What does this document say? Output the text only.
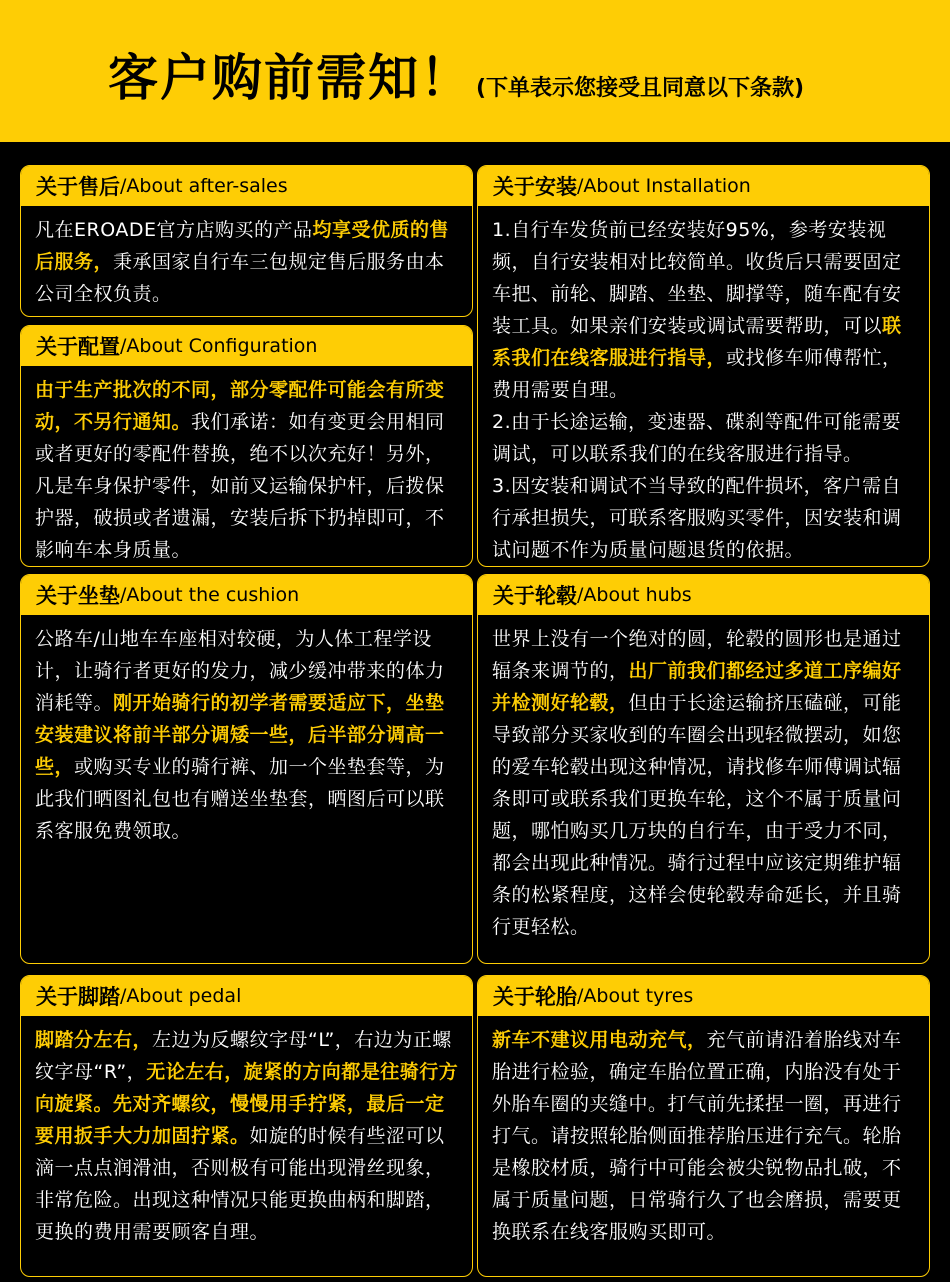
客户购前需知！ (下单表示您接受且同意以下条款)
关于售后 /About after-sales

凡在EROADE官方店购买的产品均享受优质的售后服务，秉承国家自行车三包规定售后服务由本公司全权负责。

关于配置 /About Configuration

由于生产批次的不同，部分零配件可能会有所变动，不另行通知。我们承诺：如有变更会用相同或者更好的零配件替换，绝不以次充好！另外，凡是车身保护零件，如前叉运输保护杆，后拨保护器，破损或者遗漏，安装后拆下扔掉即可，不影响车本身质量。

关于安装 /About Installation

1.自行车发货前已经安装好95%，参考安装视频，自行安装相对比较简单。收货后只需要固定车把、前轮、脚踏、坐垫、脚撑等，随车配有安装工具。如果亲们安装或调试需要帮助，可以联系我们在线客服进行指导，或找修车师傅帮忙，费用需要自理。

2.由于长途运输，变速器、碟刹等配件可能需要调试，可以联系我们的在线客服进行指导。

3.因安装和调试不当导致的配件损坏，客户需自行承担损失，可联系客服购买零件，因安装和调试问题不作为质量问题退货的依据。

关于坐垫 /About the cushion

公路车/山地车车座相对较硬，为人体工程学设计，让骑行者更好的发力，减少缓冲带来的体力消耗等。刚开始骑行的初学者需要适应下，坐垫安装建议将前半部分调矮一些，后半部分调高一些，或购买专业的骑行裤、加一个坐垫套等，为此我们晒图礼包也有赠送坐垫套，晒图后可以联系客服免费领取。

关于轮毂 /About hubs

世界上没有一个绝对的圆，轮毂的圆形也是通过辐条来调节的，出厂前我们都经过多道工序编好并检测好轮毂，但由于长途运输挤压磕碰，可能导致部分买家收到的车圈会出现轻微摆动，如您的爱车轮毂出现这种情况，请找修车师傅调试辐条即可或联系我们更换车轮，这个不属于质量问题，哪怕购买几万块的自行车，由于受力不同，都会出现此种情况。骑行过程中应该定期维护辐条的松紧程度，这样会使轮毂寿命延长，并且骑行更轻松。

关于脚踏 /About pedal

脚踏分左右，左边为反螺纹字母“L”，右边为正螺纹字母“R”，无论左右，旋紧的方向都是往骑行方向旋紧。先对齐螺纹，慢慢用手拧紧，最后一定要用扳手大力加固拧紧。如旋的时候有些涩可以滴一点点润滑油，否则极有可能出现滑丝现象，非常危险。出现这种情况只能更换曲柄和脚踏，更换的费用需要顾客自理。

关于轮胎 /About tyres

新车不建议用电动充气，充气前请沿着胎线对车胎进行检验，确定车胎位置正确，内胎没有处于外胎车圈的夹缝中。打气前先揉捏一圈，再进行打气。请按照轮胎侧面推荐胎压进行充气。轮胎是橡胶材质，骑行中可能会被尖锐物品扎破，不属于质量问题，日常骑行久了也会磨损，需要更换联系在线客服购买即可。
